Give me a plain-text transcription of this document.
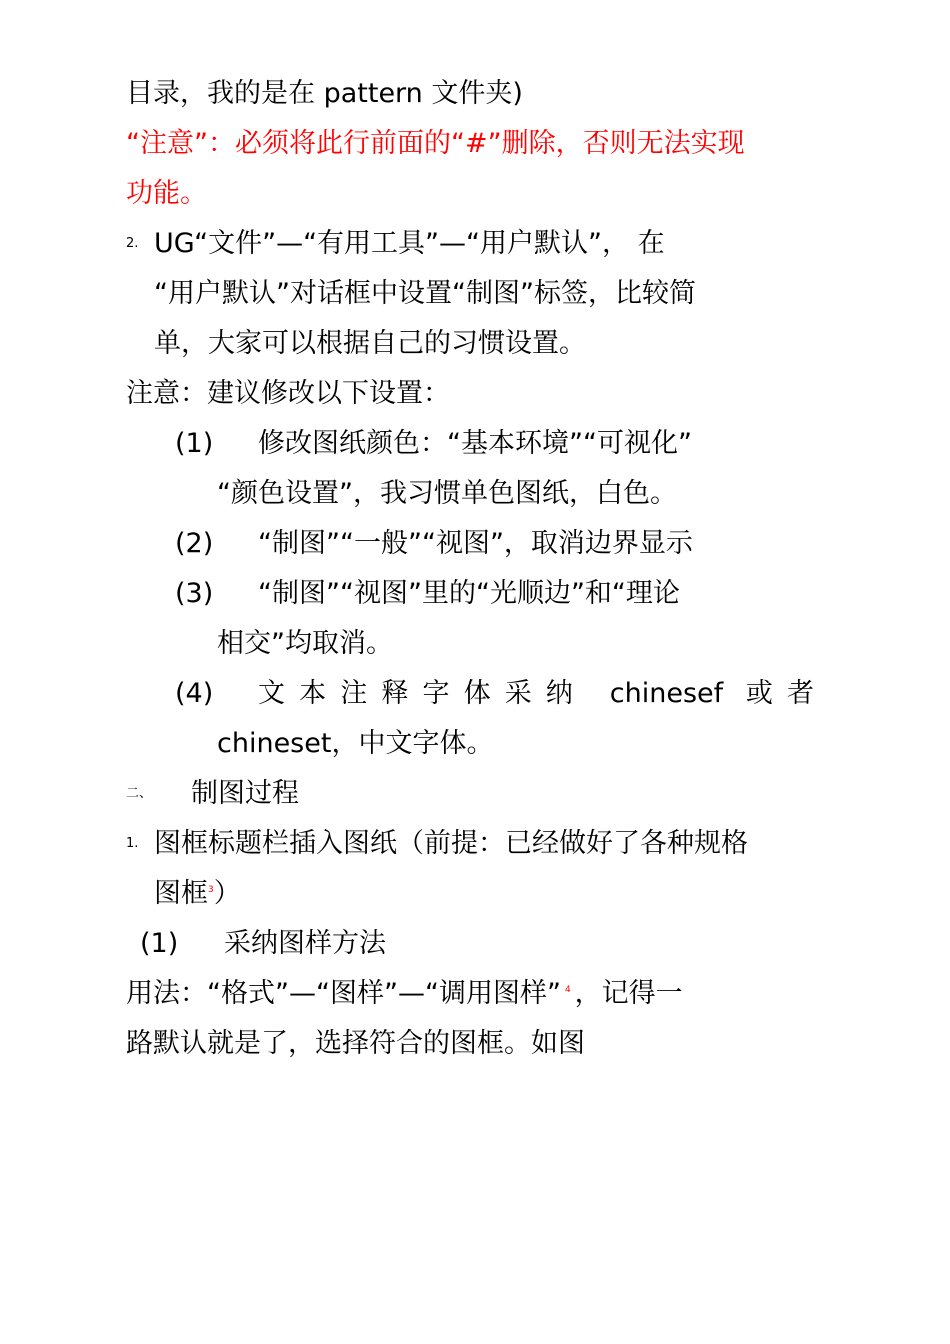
目录，我的是在 pattern 文件夹)
“注意”：必须将此行前面的“#”删除，否则无法实现
功能。
2. UG“文件”—“有用工具”—“用户默认”， 在
“用户默认”对话框中设置“制图”标签，比较简
单，大家可以根据自己的习惯设置。
注意：建议修改以下设置：
(1) 修改图纸颜色：“基本环境”“可视化”
“颜色设置”，我习惯单色图纸，白色。
(2) “制图”“一般”“视图”，取消边界显示
(3) “制图”“视图”里的“光顺边”和“理论
相交”均取消。
(4) 文本注释字体采纳 chinesef 或者
chineset，中文字体。
二、 制图过程
1. 图框标题栏插入图纸（前提：已经做好了各种规格
图框$^3$）
(1) 采纳图样方法
用法：“格式”—“图样”—“调用图样” $^4$ ，记得一
路默认就是了，选择符合的图框。如图
